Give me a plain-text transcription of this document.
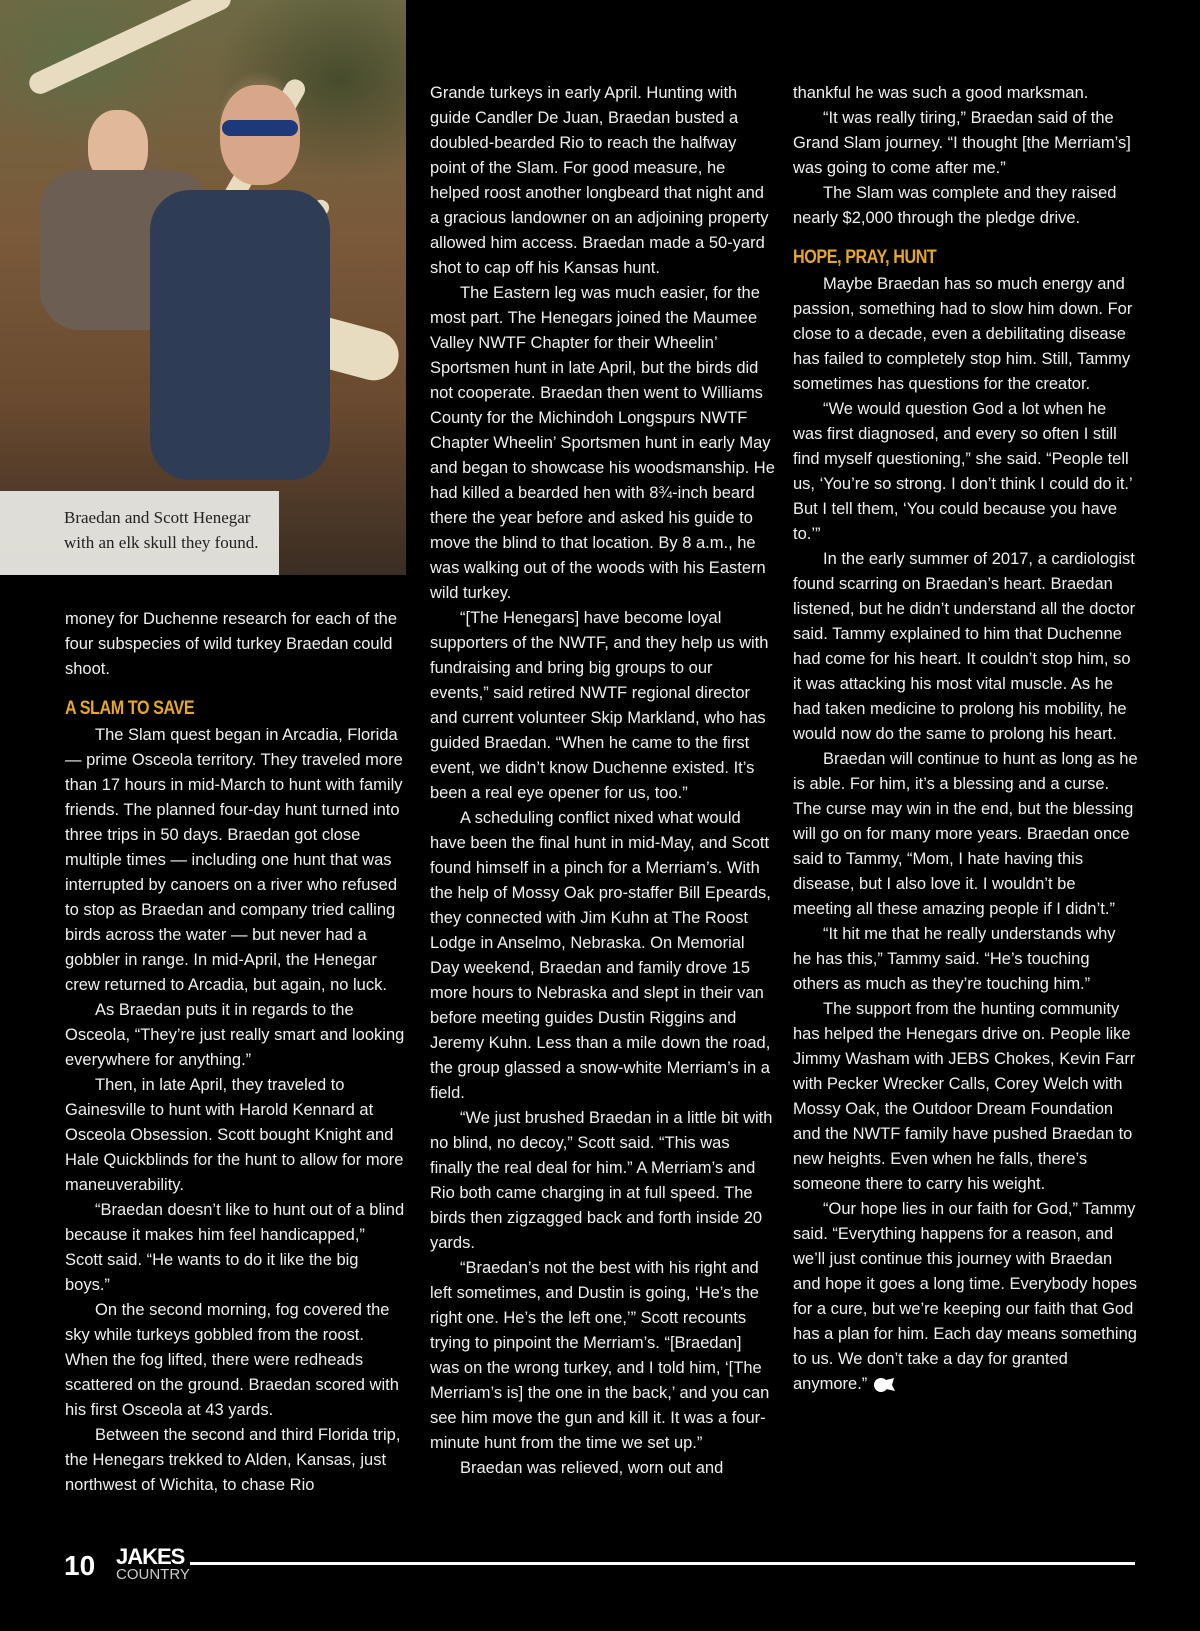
Braedan and Scott Henegar
with an elk skull they found.

money for Duchenne research for each of the four subspecies of wild turkey Braedan could shoot.

A SLAM TO SAVE

The Slam quest began in Arcadia, Florida — prime Osceola territory. They traveled more than 17 hours in mid-March to hunt with family friends. The planned four-day hunt turned into three trips in 50 days. Braedan got close multiple times — including one hunt that was interrupted by canoers on a river who refused to stop as Braedan and company tried calling birds across the water — but never had a gobbler in range. In mid-April, the Henegar crew returned to Arcadia, but again, no luck.

As Braedan puts it in regards to the Osceola, “They’re just really smart and looking everywhere for anything.”

Then, in late April, they traveled to Gainesville to hunt with Harold Kennard at Osceola Obsession. Scott bought Knight and Hale Quickblinds for the hunt to allow for more maneuverability.

“Braedan doesn’t like to hunt out of a blind because it makes him feel handicapped,” Scott said. “He wants to do it like the big boys.”

On the second morning, fog covered the sky while turkeys gobbled from the roost. When the fog lifted, there were redheads scattered on the ground. Braedan scored with his first Osceola at 43 yards.

Between the second and third Florida trip, the Henegars trekked to Alden, Kansas, just northwest of Wichita, to chase Rio

Grande turkeys in early April. Hunting with guide Candler De Juan, Braedan busted a doubled-bearded Rio to reach the halfway point of the Slam. For good measure, he helped roost another longbeard that night and a gracious landowner on an adjoining property allowed him access. Braedan made a 50-yard shot to cap off his Kansas hunt.

The Eastern leg was much easier, for the most part. The Henegars joined the Maumee Valley NWTF Chapter for their Wheelin’ Sportsmen hunt in late April, but the birds did not cooperate. Braedan then went to Williams County for the Michindoh Longspurs NWTF Chapter Wheelin’ Sportsmen hunt in early May and began to showcase his woodsmanship. He had killed a bearded hen with 8¾-inch beard there the year before and asked his guide to move the blind to that location. By 8 a.m., he was walking out of the woods with his Eastern wild turkey.

“[The Henegars] have become loyal supporters of the NWTF, and they help us with fundraising and bring big groups to our events,” said retired NWTF regional director and current volunteer Skip Markland, who has guided Braedan. “When he came to the first event, we didn’t know Duchenne existed. It’s been a real eye opener for us, too.”

A scheduling conflict nixed what would have been the final hunt in mid-May, and Scott found himself in a pinch for a Merriam’s. With the help of Mossy Oak pro-staffer Bill Epeards, they connected with Jim Kuhn at The Roost Lodge in Anselmo, Nebraska. On Memorial Day weekend, Braedan and family drove 15 more hours to Nebraska and slept in their van before meeting guides Dustin Riggins and Jeremy Kuhn. Less than a mile down the road, the group glassed a snow-white Merriam’s in a field.

“We just brushed Braedan in a little bit with no blind, no decoy,” Scott said. “This was finally the real deal for him.” A Merriam’s and Rio both came charging in at full speed. The birds then zigzagged back and forth inside 20 yards.

“Braedan’s not the best with his right and left sometimes, and Dustin is going, ‘He’s the right one. He’s the left one,’” Scott recounts trying to pinpoint the Merriam’s. “[Braedan] was on the wrong turkey, and I told him, ‘[The Merriam’s is] the one in the back,’ and you can see him move the gun and kill it. It was a four-minute hunt from the time we set up.”

Braedan was relieved, worn out and

thankful he was such a good marksman.

“It was really tiring,” Braedan said of the Grand Slam journey. “I thought [the Merriam’s] was going to come after me.”

The Slam was complete and they raised nearly $2,000 through the pledge drive.

HOPE, PRAY, HUNT

Maybe Braedan has so much energy and passion, something had to slow him down. For close to a decade, even a debilitating disease has failed to completely stop him. Still, Tammy sometimes has questions for the creator.

“We would question God a lot when he was first diagnosed, and every so often I still find myself questioning,” she said. “People tell us, ‘You’re so strong. I don’t think I could do it.’ But I tell them, ‘You could because you have to.’”

In the early summer of 2017, a cardiologist found scarring on Braedan’s heart. Braedan listened, but he didn’t understand all the doctor said. Tammy explained to him that Duchenne had come for his heart. It couldn’t stop him, so it was attacking his most vital muscle. As he had taken medicine to prolong his mobility, he would now do the same to prolong his heart.

Braedan will continue to hunt as long as he is able. For him, it’s a blessing and a curse. The curse may win in the end, but the blessing will go on for many more years. Braedan once said to Tammy, “Mom, I hate having this disease, but I also love it. I wouldn’t be meeting all these amazing people if I didn’t.”

“It hit me that he really understands why he has this,” Tammy said. “He’s touching others as much as they’re touching him.”

The support from the hunting community has helped the Henegars drive on. People like Jimmy Washam with JEBS Chokes, Kevin Farr with Pecker Wrecker Calls, Corey Welch with Mossy Oak, the Outdoor Dream Foundation and the NWTF family have pushed Braedan to new heights. Even when he falls, there’s someone there to carry his weight.

“Our hope lies in our faith for God,” Tammy said. “Everything happens for a reason, and we’ll just continue this journey with Braedan and hope it goes a long time. Everybody hopes for a cure, but we’re keeping our faith that God has a plan for him. Each day means something to us. We don’t take a day for granted anymore.”

10 JAKES
COUNTRY
